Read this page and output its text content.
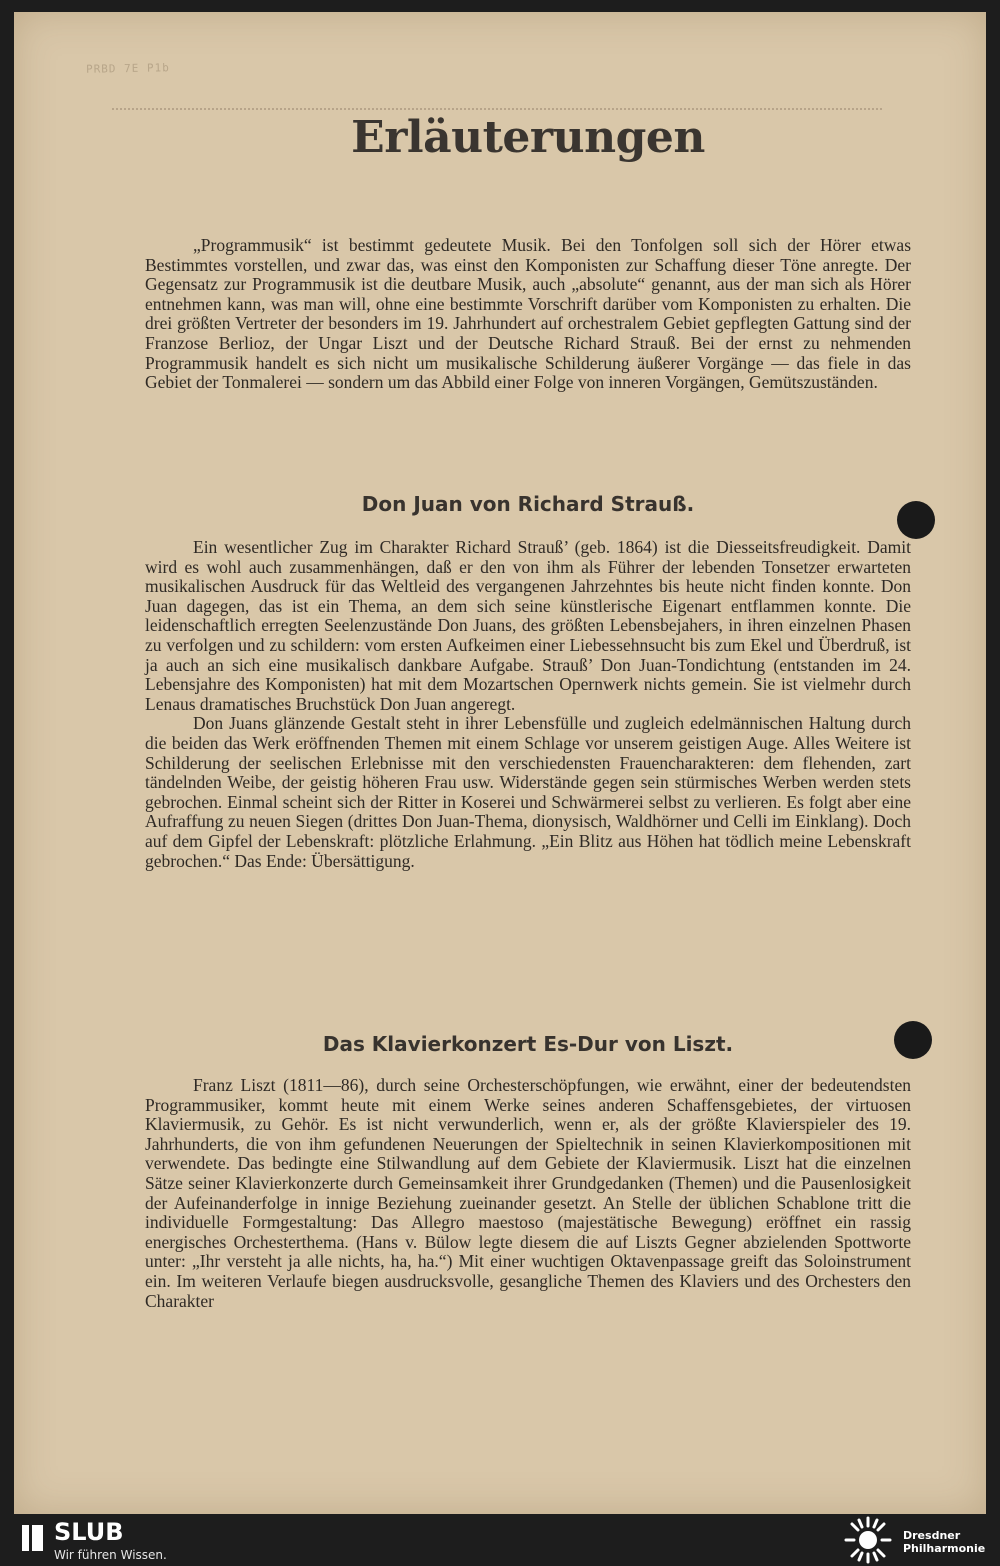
PRBD 7E P1b
Erläuterungen

„Programmusik“ ist bestimmt gedeutete Musik. Bei den Tonfolgen soll sich der Hörer etwas Bestimmtes vorstellen, und zwar das, was einst den Komponisten zur Schaffung dieser Töne anregte. Der Gegensatz zur Programmusik ist die deutbare Musik, auch „absolute“ genannt, aus der man sich als Hörer entnehmen kann, was man will, ohne eine bestimmte Vorschrift darüber vom Komponisten zu erhalten. Die drei größten Vertreter der besonders im 19. Jahrhundert auf orchestralem Gebiet gepflegten Gattung sind der Franzose Berlioz, der Ungar Liszt und der Deutsche Richard Strauß. Bei der ernst zu nehmenden Programmusik handelt es sich nicht um musikalische Schilderung äußerer Vorgänge — das fiele in das Gebiet der Tonmalerei — sondern um das Abbild einer Folge von inneren Vorgängen, Gemütszuständen.

Don Juan von Richard Strauß.

Ein wesentlicher Zug im Charakter Richard Strauß’ (geb. 1864) ist die Diesseitsfreudigkeit. Damit wird es wohl auch zusammenhängen, daß er den von ihm als Führer der lebenden Tonsetzer erwarteten musikalischen Ausdruck für das Weltleid des vergangenen Jahrzehntes bis heute nicht finden konnte. Don Juan dagegen, das ist ein Thema, an dem sich seine künstlerische Eigenart entflammen konnte. Die leidenschaftlich erregten Seelenzustände Don Juans, des größten Lebensbejahers, in ihren einzelnen Phasen zu verfolgen und zu schildern: vom ersten Aufkeimen einer Liebessehnsucht bis zum Ekel und Überdruß, ist ja auch an sich eine musikalisch dankbare Aufgabe. Strauß’ Don Juan-Tondichtung (entstanden im 24. Lebensjahre des Komponisten) hat mit dem Mozartschen Opernwerk nichts gemein. Sie ist vielmehr durch Lenaus dramatisches Bruchstück Don Juan angeregt.

Don Juans glänzende Gestalt steht in ihrer Lebensfülle und zugleich edelmännischen Haltung durch die beiden das Werk eröffnenden Themen mit einem Schlage vor unserem geistigen Auge. Alles Weitere ist Schilderung der seelischen Erlebnisse mit den verschiedensten Frauencharakteren: dem flehenden, zart tändelnden Weibe, der geistig höheren Frau usw. Widerstände gegen sein stürmisches Werben werden stets gebrochen. Einmal scheint sich der Ritter in Koserei und Schwärmerei selbst zu verlieren. Es folgt aber eine Aufraffung zu neuen Siegen (drittes Don Juan-Thema, dionysisch, Waldhörner und Celli im Einklang). Doch auf dem Gipfel der Lebenskraft: plötzliche Erlahmung. „Ein Blitz aus Höhen hat tödlich meine Lebenskraft gebrochen.“ Das Ende: Übersättigung.

Das Klavierkonzert Es-Dur von Liszt.

Franz Liszt (1811—86), durch seine Orchesterschöpfungen, wie erwähnt, einer der bedeutendsten Programmusiker, kommt heute mit einem Werke seines anderen Schaffensgebietes, der virtuosen Klaviermusik, zu Gehör. Es ist nicht verwunderlich, wenn er, als der größte Klavierspieler des 19. Jahrhunderts, die von ihm gefundenen Neuerungen der Spieltechnik in seinen Klavierkompositionen mit verwendete. Das bedingte eine Stilwandlung auf dem Gebiete der Klaviermusik. Liszt hat die einzelnen Sätze seiner Klavierkonzerte durch Gemeinsamkeit ihrer Grundgedanken (Themen) und die Pausenlosigkeit der Aufeinanderfolge in innige Beziehung zueinander gesetzt. An Stelle der üblichen Schablone tritt die individuelle Formgestaltung: Das Allegro maestoso (majestätische Bewegung) eröffnet ein rassig energisches Orchesterthema. (Hans v. Bülow legte diesem die auf Liszts Gegner abzielenden Spottworte unter: „Ihr versteht ja alle nichts, ha, ha.“) Mit einer wuchtigen Oktavenpassage greift das Soloinstrument ein. Im weiteren Verlaufe biegen ausdrucksvolle, gesangliche Themen des Klaviers und des Orchesters den Charakter

SLUB
Wir führen Wissen.
Dresdner
Philharmonie
